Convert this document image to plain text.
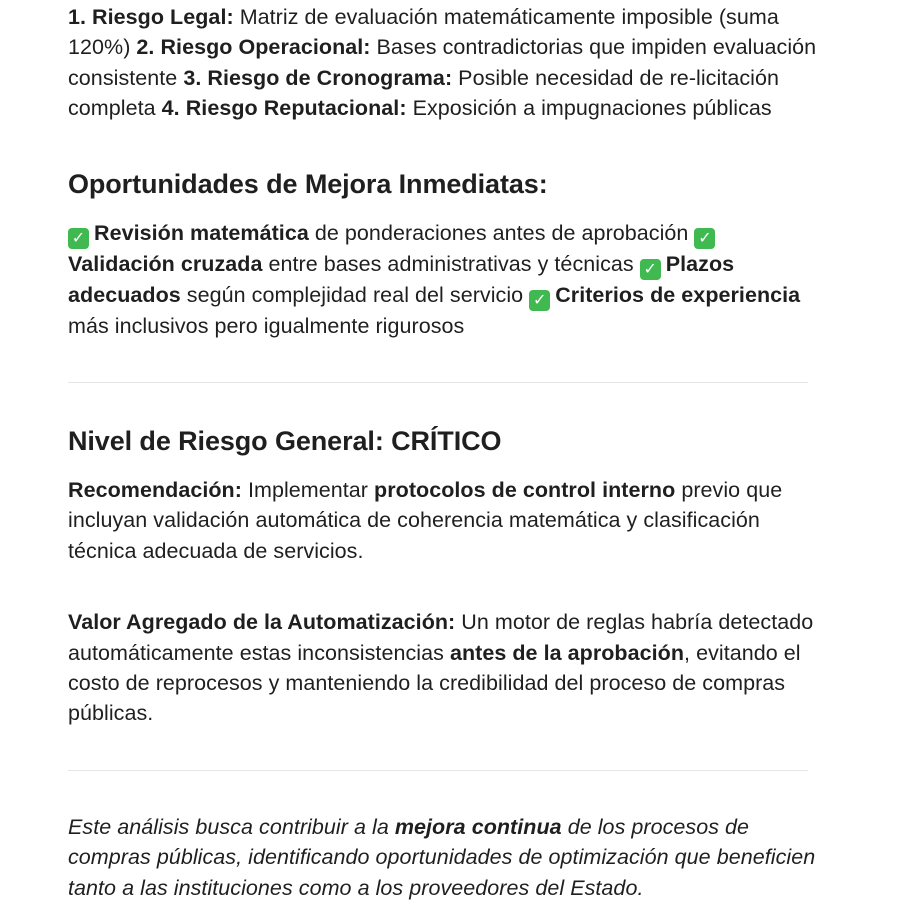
1. Riesgo Legal: Matriz de evaluación matemáticamente imposible (suma 120%) 2. Riesgo Operacional: Bases contradictorias que impiden evaluación consistente 3. Riesgo de Cronograma: Posible necesidad de re-licitación completa 4. Riesgo Reputacional: Exposición a impugnaciones públicas

Oportunidades de Mejora Inmediatas:

✓ Revisión matemática de ponderaciones antes de aprobación ✓Validación cruzada entre bases administrativas y técnicas ✓ Plazos adecuados según complejidad real del servicio ✓ Criterios de experiencia más inclusivos pero igualmente rigurosos

Nivel de Riesgo General: CRÍTICO

Recomendación: Implementar protocolos de control interno previo que incluyan validación automática de coherencia matemática y clasificación técnica adecuada de servicios.

Valor Agregado de la Automatización: Un motor de reglas habría detectado automáticamente estas inconsistencias antes de la aprobación, evitando el costo de reprocesos y manteniendo la credibilidad del proceso de compras públicas.

Este análisis busca contribuir a la mejora continua de los procesos de compras públicas, identificando oportunidades de optimización que beneficien tanto a las instituciones como a los proveedores del Estado.
